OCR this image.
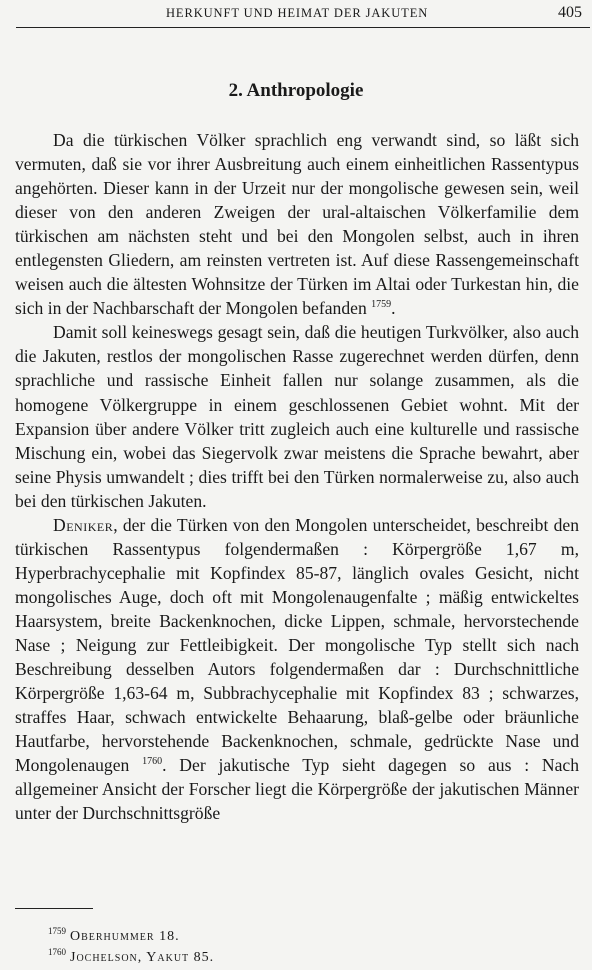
HERKUNFT UND HEIMAT DER JAKUTEN	405
2. Anthropologie

Da die türkischen Völker sprachlich eng verwandt sind, so läßt sich vermuten, daß sie vor ihrer Ausbreitung auch einem einheitlichen Rassentypus angehörten. Dieser kann in der Urzeit nur der mongolische gewesen sein, weil dieser von den anderen Zweigen der ural-altaischen Völkerfamilie dem türkischen am nächsten steht und bei den Mongolen selbst, auch in ihren entlegensten Gliedern, am reinsten vertreten ist. Auf diese Rassengemeinschaft weisen auch die ältesten Wohnsitze der Türken im Altai oder Turkestan hin, die sich in der Nachbarschaft der Mongolen befanden $^{1759}$.

Damit soll keineswegs gesagt sein, daß die heutigen Turkvölker, also auch die Jakuten, restlos der mongolischen Rasse zugerechnet werden dürfen, denn sprachliche und rassische Einheit fallen nur solange zusammen, als die homogene Völkergruppe in einem geschlossenen Gebiet wohnt. Mit der Expansion über andere Völker tritt zugleich auch eine kulturelle und rassische Mischung ein, wobei das Siegervolk zwar meistens die Sprache bewahrt, aber seine Physis umwandelt ; dies trifft bei den Türken normalerweise zu, also auch bei den türkischen Jakuten.

Deniker, der die Türken von den Mongolen unterscheidet, beschreibt den türkischen Rassentypus folgendermaßen : Körpergröße 1,67 m, Hyperbrachycephalie mit Kopfindex 85-87, länglich ovales Gesicht, nicht mongolisches Auge, doch oft mit Mongolenaugenfalte ; mäßig entwickeltes Haarsystem, breite Backenknochen, dicke Lippen, schmale, hervorstechende Nase ; Neigung zur Fettleibigkeit. Der mongolische Typ stellt sich nach Beschreibung desselben Autors folgendermaßen dar : Durchschnittliche Körpergröße 1,63-64 m, Subbrachycephalie mit Kopfindex 83 ; schwarzes, straffes Haar, schwach entwickelte Behaarung, blaß-gelbe oder bräunliche Hautfarbe, hervorstehende Backenknochen, schmale, gedrückte Nase und Mongolenaugen $^{1760}$. Der jakutische Typ sieht dagegen so aus : Nach allgemeiner Ansicht der Forscher liegt die Körpergröße der jakutischen Männer unter der Durchschnittsgröße

$^{1759}$ Oberhummer 18.
$^{1760}$ Jochelson, Yakut 85.
